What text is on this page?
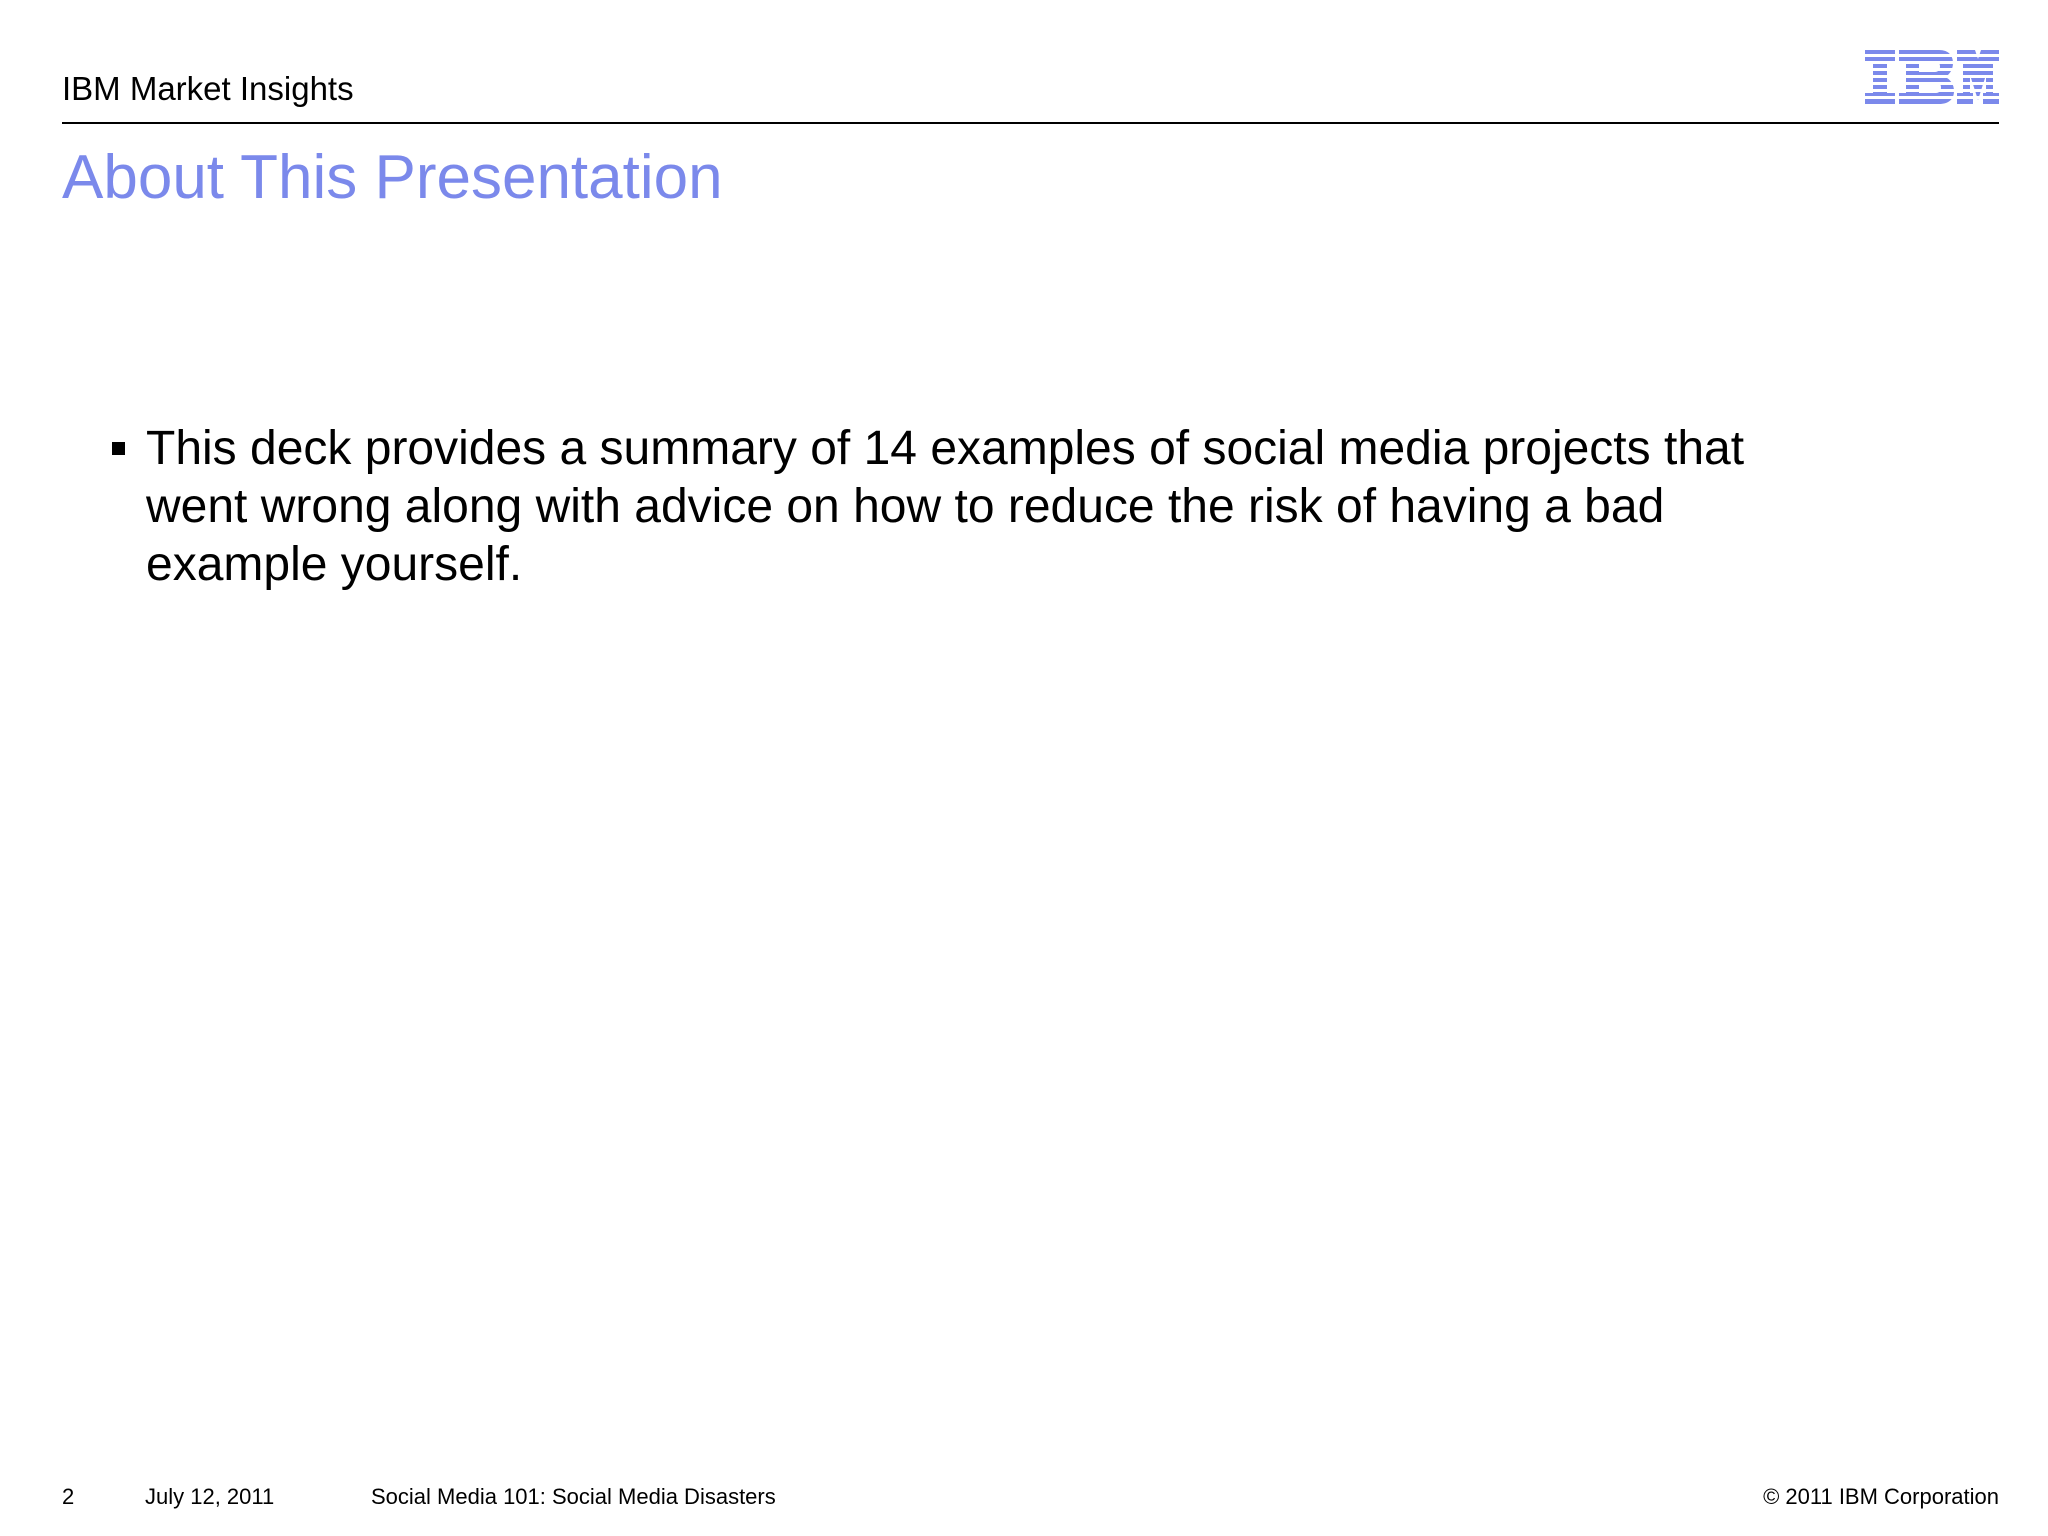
IBM Market Insights
About This Presentation
This deck provides a summary of 14 examples of social media projects that went wrong along with advice on how to reduce the risk of having a bad example yourself.
2	July 12, 2011	Social Media 101: Social Media Disasters	© 2011 IBM Corporation
